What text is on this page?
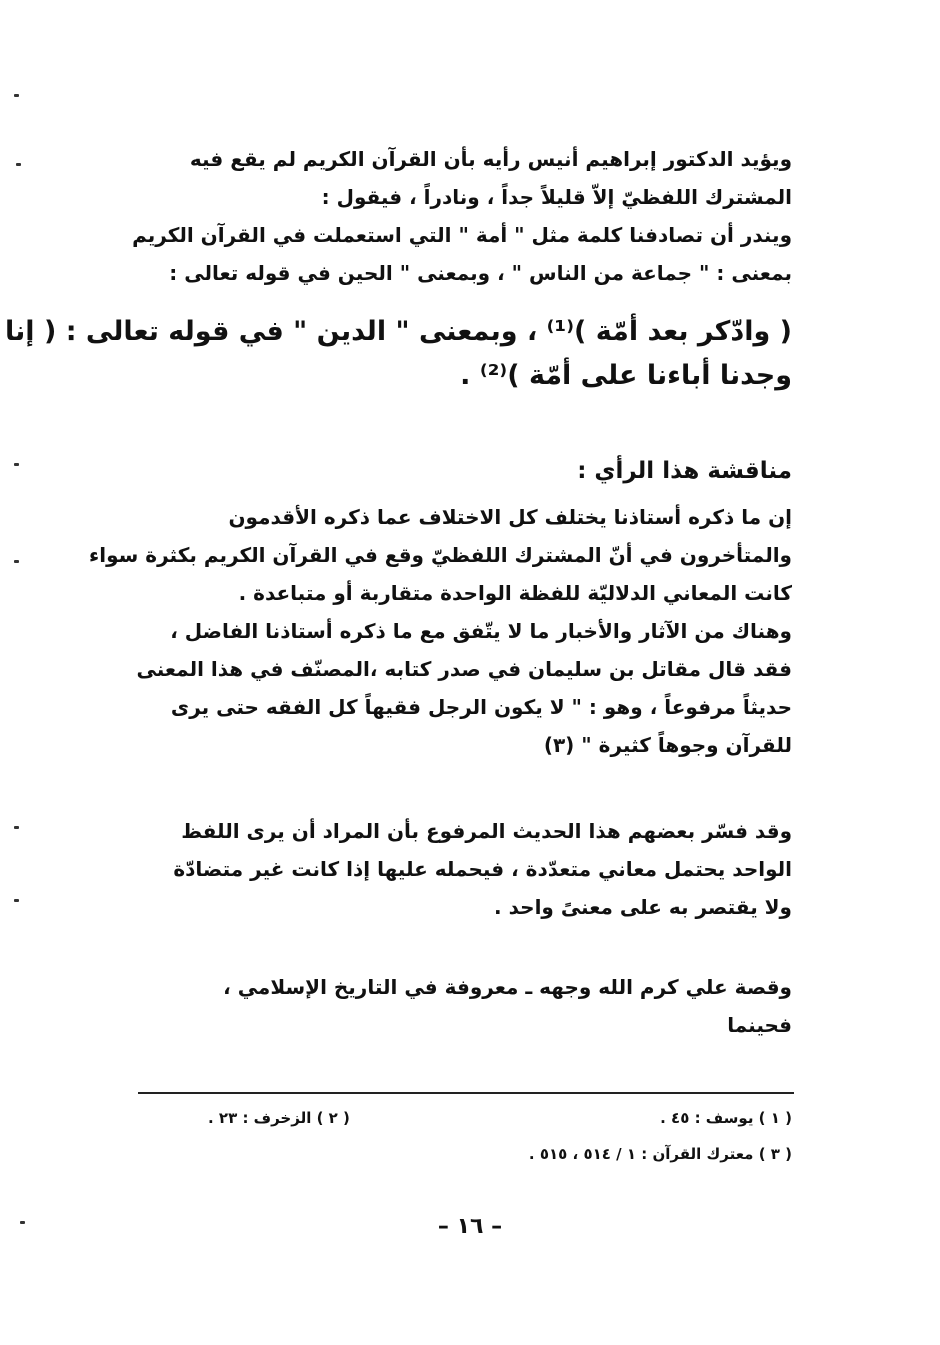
ويؤيد الدكتور إبراهيم أنيس رأيه بأن القرآن الكريم لم يقع فيه
المشترك اللفظيّ إلاّ قليلاً جداً ، ونادراً ، فيقول :
ويندر أن تصادفنا كلمة مثل " أمة " التي استعملت في القرآن الكريم
بمعنى : " جماعة من الناس " ، وبمعنى " الحين في قوله تعالى :
( وادّكر بعد أمّة )⁽¹⁾ ، وبمعنى " الدين " في قوله تعالى : ( إنا
وجدنا أباءنا على أمّة )⁽²⁾ .
مناقشة هذا الرأي :
إن ما ذكره أستاذنا يختلف كل الاختلاف عما ذكره الأقدمون
والمتأخرون في أنّ المشترك اللفظيّ وقع في القرآن الكريم بكثرة سواء
كانت المعاني الدلاليّة للفظة الواحدة متقاربة أو متباعدة .
وهناك من الآثار والأخبار ما لا يتّفق مع ما ذكره أستاذنا الفاضل ،
فقد قال مقاتل بن سليمان في صدر كتابه ،المصنّف في هذا المعنى
حديثاً مرفوعاً ، وهو : " لا يكون الرجل فقيهاً كل الفقه حتى يرى
للقرآن وجوهاً كثيرة " (٣)
وقد فسّر بعضهم هذا الحديث المرفوع بأن المراد أن يرى اللفظ
الواحد يحتمل معاني متعدّدة ، فيحمله عليها إذا كانت غير متضادّة
ولا يقتصر به على معنىً واحد .
وقصة علي كرم الله وجهه ـ معروفة في التاريخ الإسلامي ،
فحينما
( ١ ) يوسف : ٤٥ .
( ٢ ) الزخرف : ٢٣ .
( ٣ ) معترك القرآن : ١ / ٥١٤ ، ٥١٥ .
– ١٦ –
